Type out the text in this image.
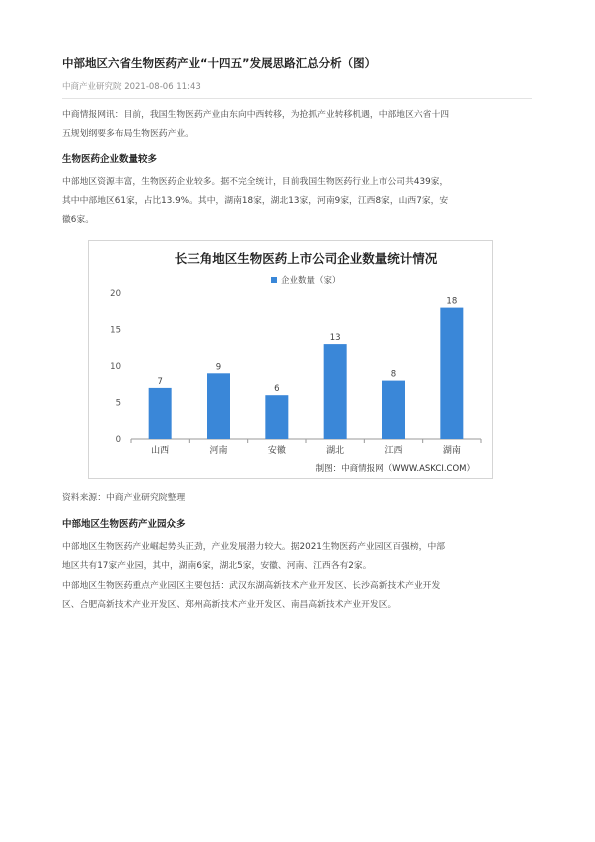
中部地区六省生物医药产业“十四五”发展思路汇总分析（图）
中商产业研究院 2021-08-06 11:43
中商情报网讯：目前，我国生物医药产业由东向中西转移，为抢抓产业转移机遇，中部地区六省十四
五规划纲要多布局生物医药产业。
生物医药企业数量较多
中部地区资源丰富，生物医药企业较多。据不完全统计，目前我国生物医药行业上市公司共439家，
其中中部地区61家，占比13.9%。其中，湖南18家，湖北13家，河南9家，江西8家，山西7家，安
徽6家。
长三角地区生物医药上市公司企业数量统计情况
企业数量（家）
0
5
10
15
20
7
山西
9
河南
6
安徽
13
湖北
8
江西
18
湖南
制图：中商情报网（WWW.ASKCI.COM）
资料来源：中商产业研究院整理
中部地区生物医药产业园众多
中部地区生物医药产业崛起势头正劲，产业发展潜力较大。据2021生物医药产业园区百强榜，中部
地区共有17家产业园，其中，湖南6家，湖北5家，安徽、河南、江西各有2家。
中部地区生物医药重点产业园区主要包括：武汉东湖高新技术产业开发区、长沙高新技术产业开发
区、合肥高新技术产业开发区、郑州高新技术产业开发区、南昌高新技术产业开发区。
